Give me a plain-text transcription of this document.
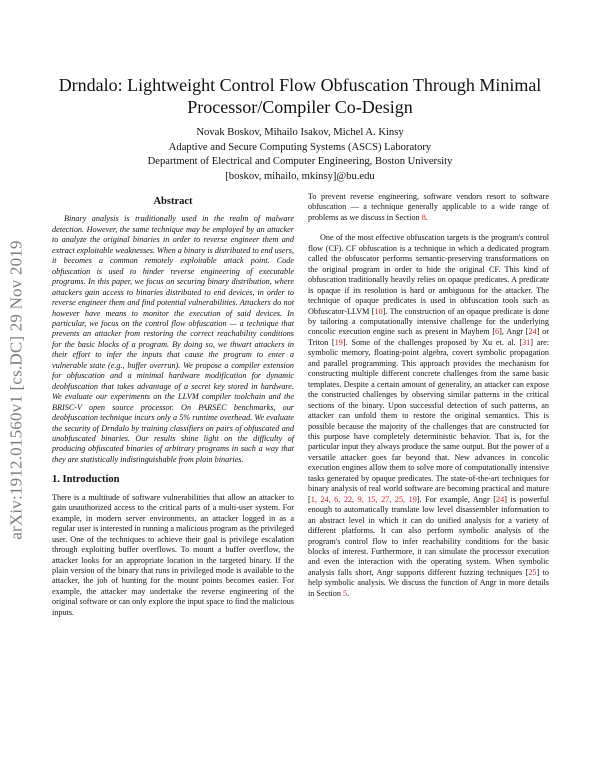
arXiv:1912.01560v1 [cs.DC] 29 Nov 2019
Drndalo: Lightweight Control Flow Obfuscation Through Minimal
Processor/Compiler Co-Design
Novak Boskov, Mihailo Isakov, Michel A. Kinsy
Adaptive and Secure Computing Systems (ASCS) Laboratory
Department of Electrical and Computer Engineering, Boston University
[boskov, mihailo, mkinsy]@bu.edu
Abstract

Binary analysis is traditionally used in the realm of malware detection. However, the same technique may be employed by an attacker to analyze the original binaries in order to reverse engineer them and extract exploitable weaknesses. When a binary is distributed to end users, it becomes a common remotely exploitable attack point. Code obfuscation is used to hinder reverse engineering of executable programs. In this paper, we focus on securing binary distribution, where attackers gain access to binaries distributed to end devices, in order to reverse engineer them and find potential vulnerabilities. Attackers do not however have means to monitor the execution of said devices. In particular, we focus on the control flow obfuscation — a technique that prevents an attacker from restoring the correct reachability conditions for the basic blocks of a program. By doing so, we thwart attackers in their effort to infer the inputs that cause the program to enter a vulnerable state (e.g., buffer overrun). We propose a compiler extension for obfuscation and a minimal hardware modification for dynamic deobfuscation that takes advantage of a secret key stored in hardware. We evaluate our experiments on the LLVM compiler toolchain and the BRISC-V open source processor. On PARSEC benchmarks, our deobfuscation technique incurs only a 5% runtime overhead. We evaluate the security of Drndalo by training classifiers on pairs of obfuscated and unobfuscated binaries. Our results shine light on the difficulty of producing obfuscated binaries of arbitrary programs in such a way that they are statistically indistinguishable from plain binaries.

1. Introduction

There is a multitude of software vulnerabilities that allow an attacker to gain unauthorized access to the critical parts of a multi-user system. For example, in modern server environments, an attacker logged in as a regular user is interested in running a malicious program as the privileged user. One of the techniques to achieve their goal is privilege escalation through exploiting buffer overflows. To mount a buffer overflow, the attacker looks for an appropriate location in the targeted binary. If the plain version of the binary that runs in privileged mode is available to the attacker, the job of hunting for the mount points becomes easier. For example, the attacker may undertake the reverse engineering of the original software or can only explore the input space to find the malicious inputs.

To prevent reverse engineering, software vendors resort to software obfuscation — a technique generally applicable to a wide range of problems as we discuss in Section 8.

One of the most effective obfuscation targets is the program's control flow (CF). CF obfuscation is a technique in which a dedicated program called the obfuscator performs semantic-preserving transformations on the original program in order to hide the original CF. This kind of obfuscation traditionally heavily relies on opaque predicates. A predicate is opaque if its resolution is hard or ambiguous for the attacker. The technique of opaque predicates is used in obfuscation tools such as Obfuscator-LLVM [10]. The construction of an opaque predicate is done by tailoring a computationally intensive challenge for the underlying concolic execution engine such as present in Mayhem [6], Angr [24] or Triton [19]. Some of the challenges proposed by Xu et. al. [31] are: symbolic memory, floating-point algebra, covert symbolic propagation and parallel programming. This approach provides the mechanism for constructing multiple different concrete challenges from the same basic templates. Despite a certain amount of generality, an attacker can expose the constructed challenges by observing similar patterns in the critical sections of the binary. Upon successful detection of such patterns, an attacker can unfold them to restore the original semantics. This is possible because the majority of the challenges that are constructed for this purpose have completely deterministic behavior. That is, for the particular input they always produce the same output. But the power of a versatile attacker goes far beyond that. New advances in concolic execution engines allow them to solve more of computationally intensive tasks generated by opaque predicates. The state-of-the-art techniques for binary analysis of real world software are becoming practical and mature [1, 24, 6, 22, 9, 15, 27, 25, 19]. For example, Angr [24] is powerful enough to automatically translate low level disassembler information to an abstract level in which it can do unified analysis for a variety of different platforms. It can also perform symbolic analysis of the program's control flow to infer reachability conditions for the basic blocks of interest. Furthermore, it can simulate the processor execution and even the interaction with the operating system. When symbolic analysis falls short, Angr supports different fuzzing techniques [25] to help symbolic analysis. We discuss the function of Angr in more details in Section 5.
